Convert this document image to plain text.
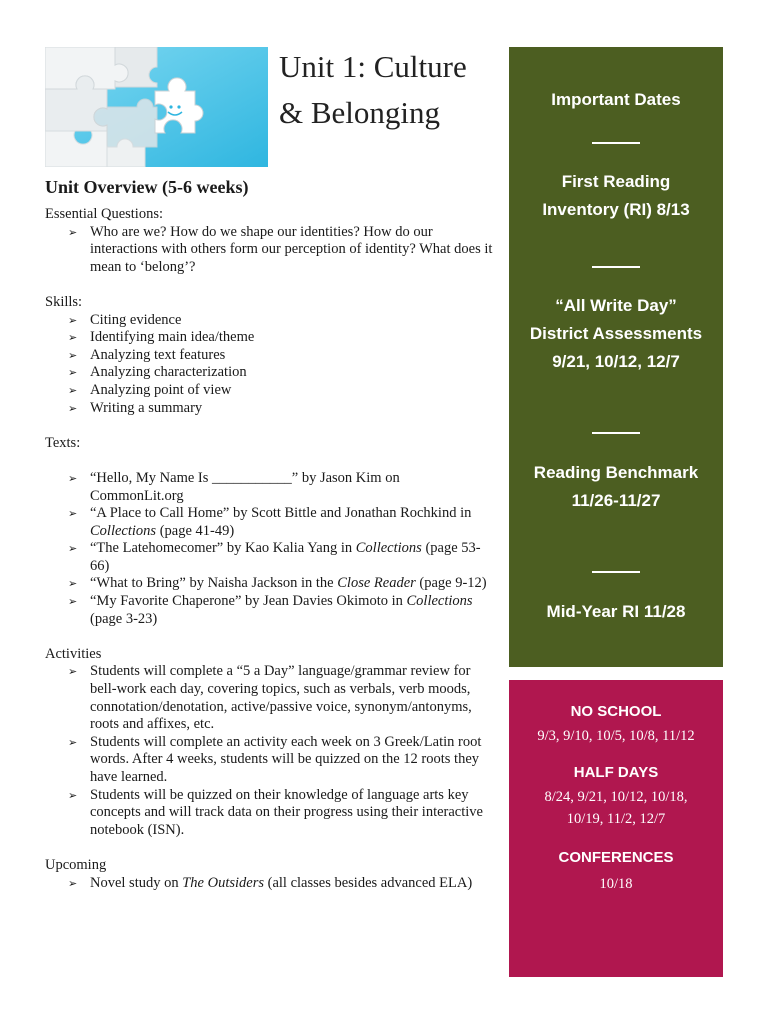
Unit 1: Culture
& Belonging
Unit Overview (5-6 weeks)
Essential Questions:
➢ Who are we? How do we shape our identities? How do our interactions with others form our perception of identity? What does it mean to ‘belong’?
Skills:
➢ Citing evidence
➢ Identifying main idea/theme
➢ Analyzing text features
➢ Analyzing characterization
➢ Analyzing point of view
➢ Writing a summary
Texts:
➢ “Hello, My Name Is ___________” by Jason Kim on CommonLit.org
➢ “A Place to Call Home” by Scott Bittle and Jonathan Rochkind in Collections (page 41-49)
➢ “The Latehomecomer” by Kao Kalia Yang in Collections (page 53-66)
➢ “What to Bring” by Naisha Jackson in the Close Reader (page 9-12)
➢ “My Favorite Chaperone” by Jean Davies Okimoto in Collections (page 3-23)
Activities
➢ Students will complete a “5 a Day” language/grammar review for bell-work each day, covering topics, such as verbals, verb moods, connotation/denotation, active/passive voice, synonym/antonyms, roots and affixes, etc.
➢ Students will complete an activity each week on 3 Greek/Latin root words. After 4 weeks, students will be quizzed on the 12 roots they have learned.
➢ Students will be quizzed on their knowledge of language arts key concepts and will track data on their progress using their interactive notebook (ISN).
Upcoming
➢ Novel study on The Outsiders (all classes besides advanced ELA)
Important Dates
First Reading Inventory (RI) 8/13
“All Write Day” District Assessments 9/21, 10/12, 12/7
Reading Benchmark 11/26-11/27
Mid-Year RI 11/28
NO SCHOOL
9/3, 9/10, 10/5, 10/8, 11/12
HALF DAYS
8/24, 9/21, 10/12, 10/18, 10/19, 11/2, 12/7
CONFERENCES
10/18
